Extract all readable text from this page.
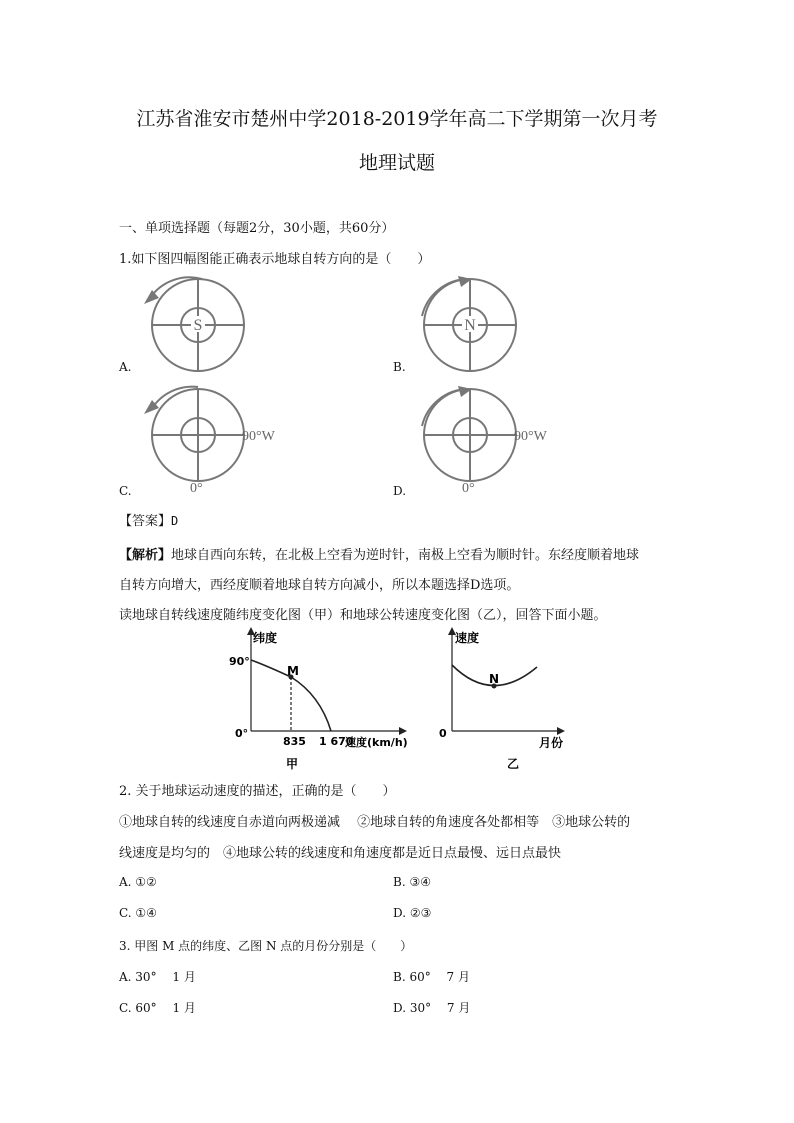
江苏省淮安市楚州中学2018-2019学年高二下学期第一次月考
地理试题
一、单项选择题（每题2分，30小题，共60分）
1.如下图四幅图能正确表示地球自转方向的是（　　）
S
A.
N
B.
90°W
0°
C.
90°W
0°
D.
【答案】D
【解析】地球自西向东转，在北极上空看为逆时针，南极上空看为顺时针。东经度顺着地球
自转方向增大，西经度顺着地球自转方向减小，所以本题选择D选项。
读地球自转线速度随纬度变化图（甲）和地球公转速度变化图（乙），回答下面小题。
纬度
90°
0°
M
835 1 670
速度(km/h)
甲
速度
0
N
月份
乙
2. 关于地球运动速度的描述，正确的是（　　）
①地球自转的线速度自赤道向两极递减　 ②地球自转的角速度各处都相等　③地球公转的
线速度是均匀的　④地球公转的线速度和角速度都是近日点最慢、远日点最快
A. ①②	B. ③④
C. ①④	D. ②③
3. 甲图 M 点的纬度、乙图 N 点的月份分别是（　　）
A. 30°　 1 月	B. 60°　 7 月
C. 60°　 1 月	D. 30°　 7 月
